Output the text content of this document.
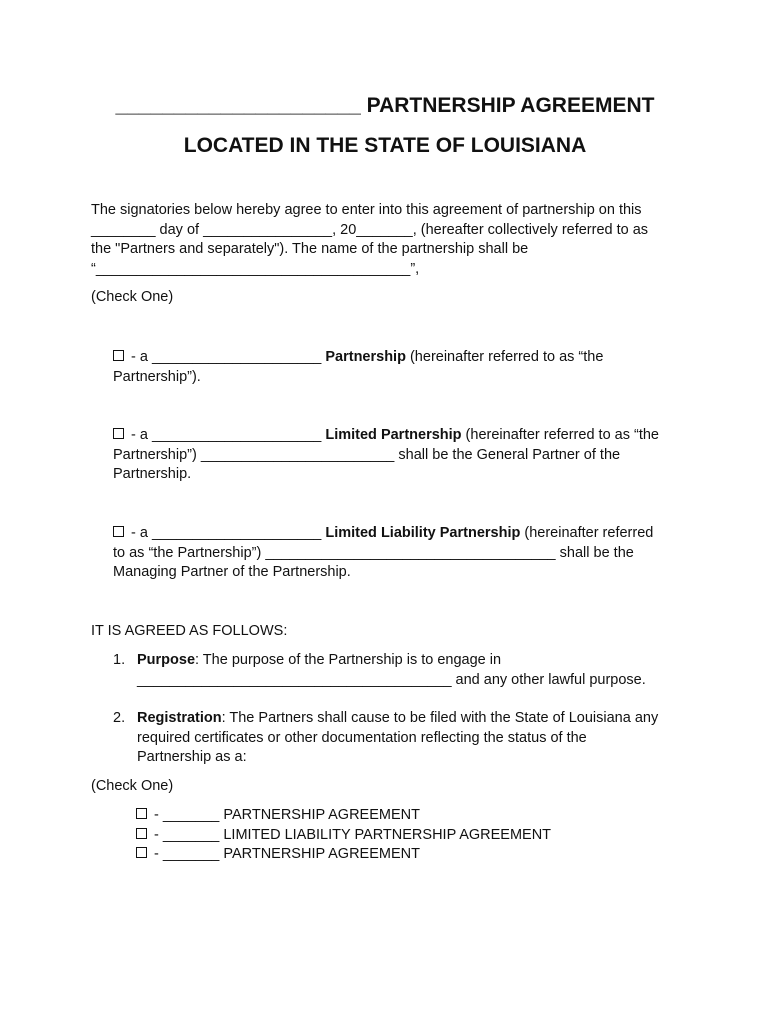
_____________________ PARTNERSHIP AGREEMENT
LOCATED IN THE STATE OF LOUISIANA
The signatories below hereby agree to enter into this agreement of partnership on this
________ day of ________________, 20_______, (hereafter collectively referred to as
the "Partners and separately"). The name of the partnership shall be
“_______________________________________”,
(Check One)
- a _____________________ Partnership (hereinafter referred to as “the
Partnership”).
- a _____________________ Limited Partnership (hereinafter referred to as “the
Partnership”) ________________________ shall be the General Partner of the
Partnership.
- a _____________________ Limited Liability Partnership (hereinafter referred
to as “the Partnership”) ____________________________________ shall be the
Managing Partner of the Partnership.
IT IS AGREED AS FOLLOWS:
1. Purpose: The purpose of the Partnership is to engage in
_______________________________________ and any other lawful purpose.
2. Registration: The Partners shall cause to be filed with the State of Louisiana any
required certificates or other documentation reflecting the status of the
Partnership as a:
(Check One)
- _______ PARTNERSHIP AGREEMENT
- _______ LIMITED LIABILITY PARTNERSHIP AGREEMENT
- _______ PARTNERSHIP AGREEMENT
